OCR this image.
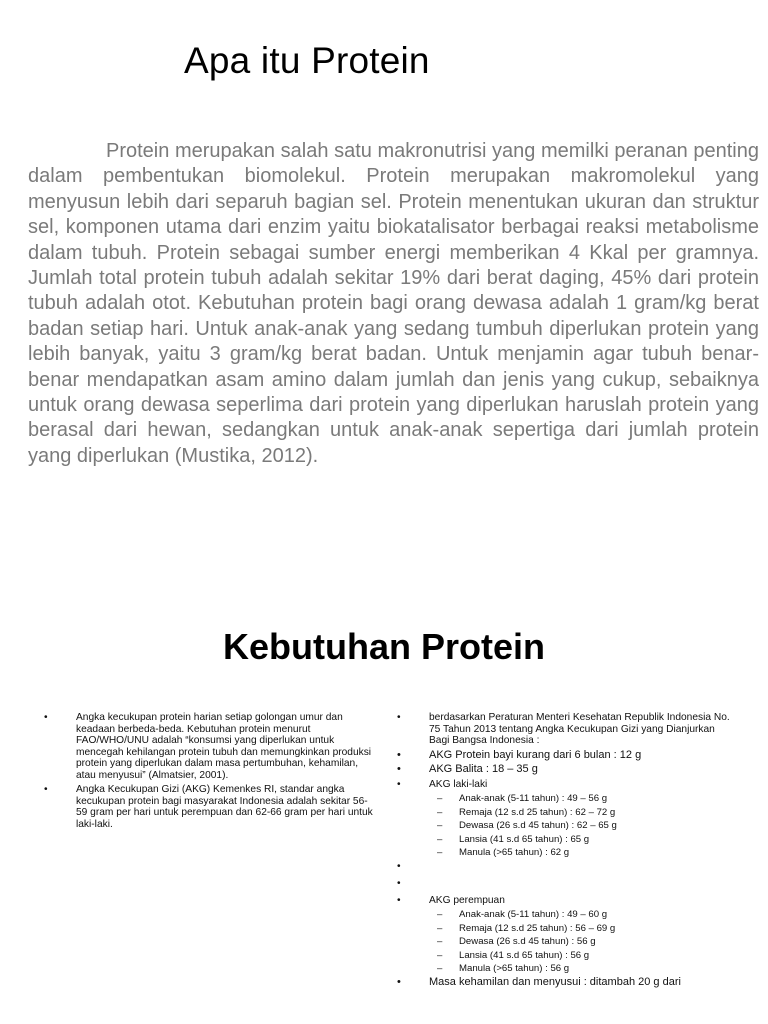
Apa itu Protein

Protein merupakan salah satu makronutrisi yang memilki peranan penting dalam pembentukan biomolekul. Protein merupakan makromolekul yang menyusun lebih dari separuh bagian sel. Protein menentukan ukuran dan struktur sel, komponen utama dari enzim yaitu biokatalisator berbagai reaksi metabolisme dalam tubuh. Protein sebagai sumber energi memberikan 4 Kkal per gramnya. Jumlah total protein tubuh adalah sekitar 19% dari berat daging, 45% dari protein tubuh adalah otot. Kebutuhan protein bagi orang dewasa adalah 1 gram/kg berat badan setiap hari. Untuk anak-anak yang sedang tumbuh diperlukan protein yang lebih banyak, yaitu 3 gram/kg berat badan. Untuk menjamin agar tubuh benar-benar mendapatkan asam amino dalam jumlah dan jenis yang cukup, sebaiknya untuk orang dewasa seperlima dari protein yang diperlukan haruslah protein yang berasal dari hewan, sedangkan untuk anak-anak sepertiga dari jumlah protein yang diperlukan (Mustika, 2012).

Kebutuhan Protein
•	Angka kecukupan protein harian setiap golongan umur dan keadaan berbeda-beda. Kebutuhan protein menurut FAO/WHO/UNU adalah “konsumsi yang diperlukan untuk mencegah kehilangan protein tubuh dan memungkinkan produksi protein yang diperlukan dalam masa pertumbuhan, kehamilan, atau menyusui” (Almatsier, 2001).
•	Angka Kecukupan Gizi (AKG) Kemenkes RI, standar angka kecukupan protein bagi masyarakat Indonesia adalah sekitar 56-59 gram per hari untuk perempuan dan 62-66 gram per hari untuk laki-laki.
•	berdasarkan Peraturan Menteri Kesehatan Republik Indonesia No. 75 Tahun 2013 tentang Angka Kecukupan Gizi yang Dianjurkan Bagi Bangsa Indonesia :
•	AKG Protein bayi kurang dari 6 bulan : 12 g
•	AKG Balita : 18 – 35 g
•	AKG laki-laki
– Anak-anak (5-11 tahun) : 49 – 56 g
– Remaja (12 s.d 25 tahun) : 62 – 72 g
– Dewasa (26 s.d 45 tahun) : 62 – 65 g
– Lansia (41 s.d 65 tahun) : 65 g
– Manula (>65 tahun) : 62 g
•
•
•	AKG perempuan
– Anak-anak (5-11 tahun) : 49 – 60 g
– Remaja (12 s.d 25 tahun) : 56 – 69 g
– Dewasa (26 s.d 45 tahun) : 56 g
– Lansia (41 s.d 65 tahun) : 56 g
– Manula (>65 tahun) : 56 g
•	Masa kehamilan dan menyusui : ditambah 20 g dari
